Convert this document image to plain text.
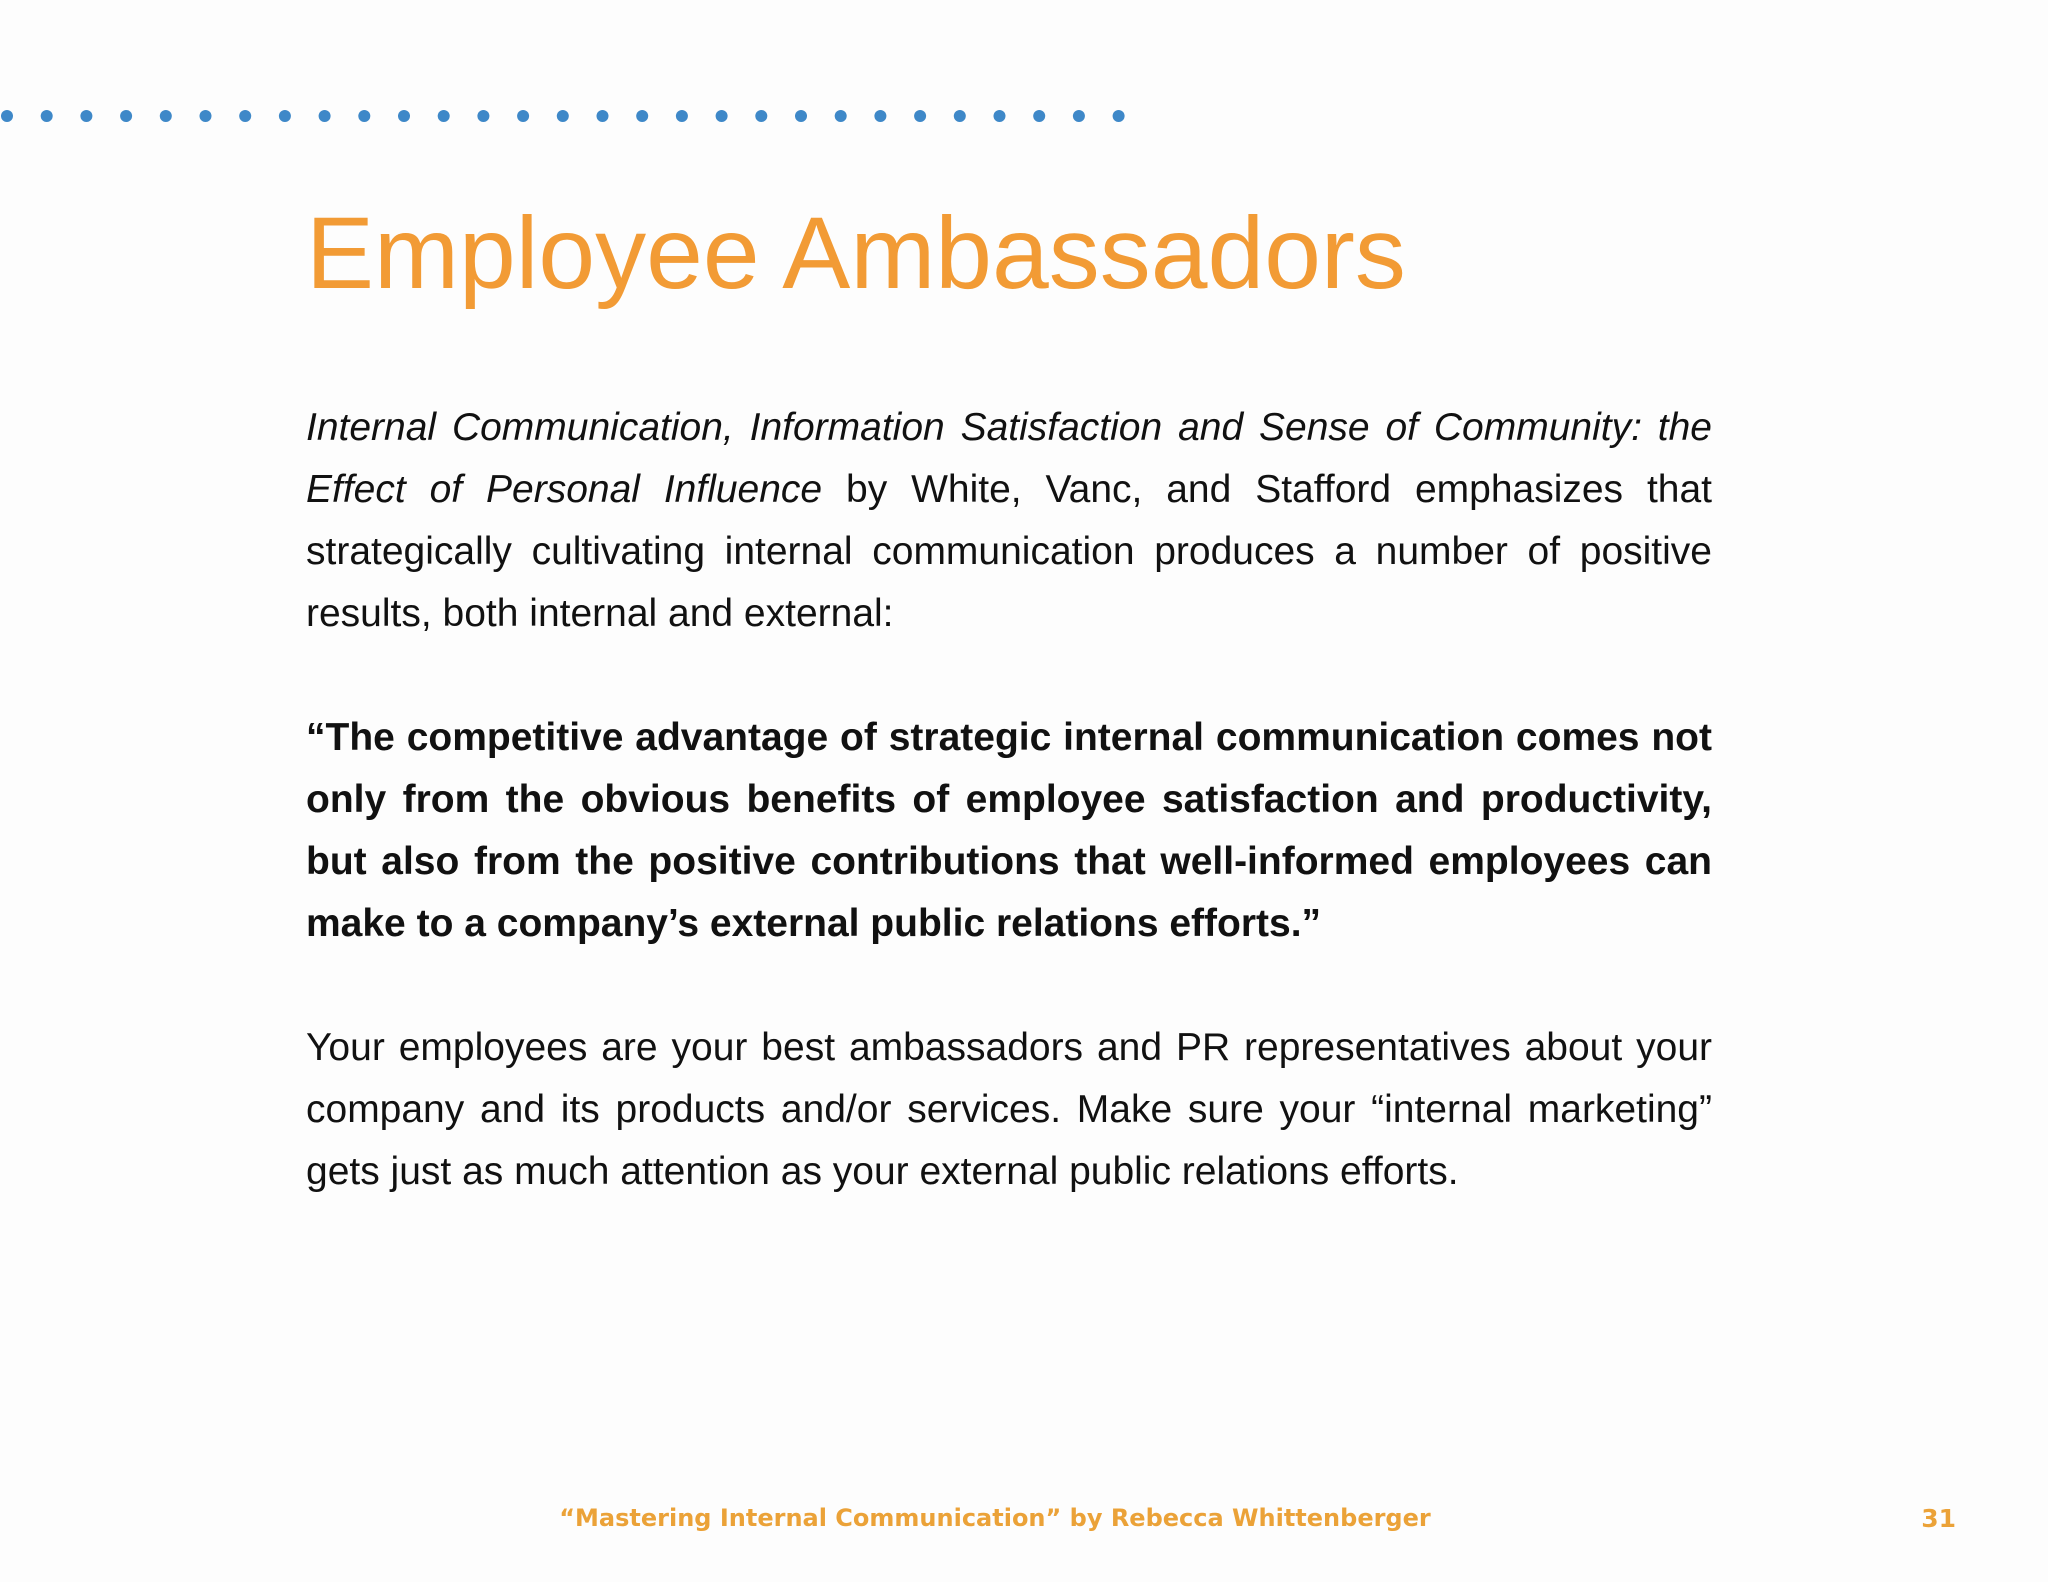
Employee Ambassadors

Internal Communication, Information Satisfaction and Sense of Community: the Effect of Personal Influence by White, Vanc, and Stafford emphasizes that strategically cultivating internal communication produces a number of positive results, both internal and external:

“The competitive advantage of strategic internal communication comes not only from the obvious benefits of employee satisfaction and productivity, but also from the positive contributions that well-informed employees can make to a company’s external public relations efforts.”

Your employees are your best ambassadors and PR representatives about your company and its products and/or services. Make sure your “internal marketing” gets just as much attention as your external public relations efforts.

“Mastering Internal Communication” by Rebecca Whittenberger	31
